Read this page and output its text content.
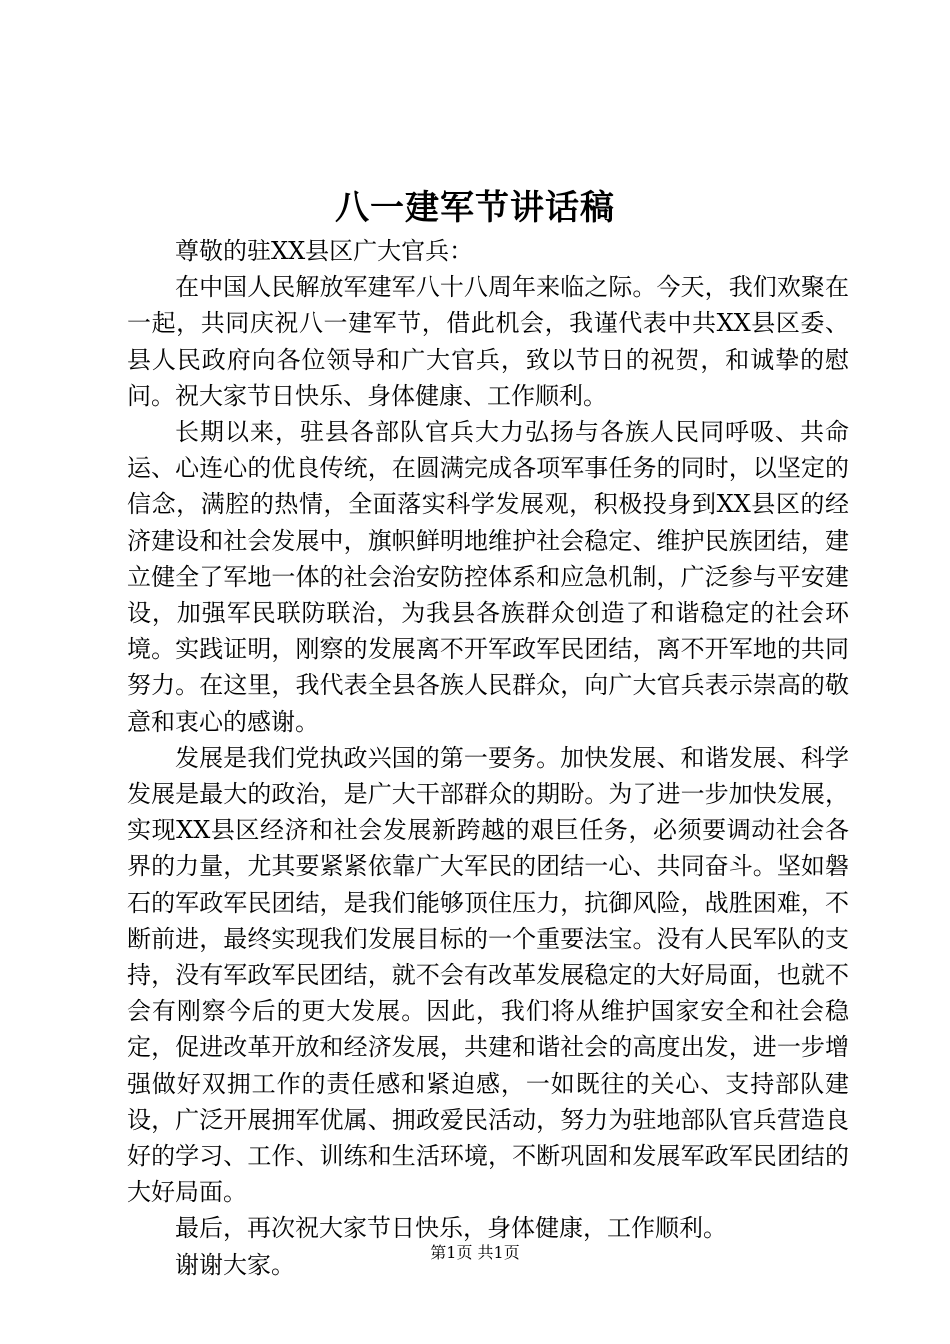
八一建军节讲话稿

尊敬的驻XX县区广大官兵：

在中国人民解放军建军八十八周年来临之际。今天，我们欢聚在一起，共同庆祝八一建军节，借此机会，我谨代表中共XX县区委、县人民政府向各位领导和广大官兵，致以节日的祝贺，和诚挚的慰问。祝大家节日快乐、身体健康、工作顺利。

长期以来，驻县各部队官兵大力弘扬与各族人民同呼吸、共命运、心连心的优良传统，在圆满完成各项军事任务的同时，以坚定的信念，满腔的热情，全面落实科学发展观，积极投身到XX县区的经济建设和社会发展中，旗帜鲜明地维护社会稳定、维护民族团结，建立健全了军地一体的社会治安防控体系和应急机制，广泛参与平安建设，加强军民联防联治，为我县各族群众创造了和谐稳定的社会环境。实践证明，刚察的发展离不开军政军民团结，离不开军地的共同努力。在这里，我代表全县各族人民群众，向广大官兵表示崇高的敬意和衷心的感谢。

发展是我们党执政兴国的第一要务。加快发展、和谐发展、科学发展是最大的政治，是广大干部群众的期盼。为了进一步加快发展，实现XX县区经济和社会发展新跨越的艰巨任务，必须要调动社会各界的力量，尤其要紧紧依靠广大军民的团结一心、共同奋斗。坚如磐石的军政军民团结，是我们能够顶住压力，抗御风险，战胜困难，不断前进，最终实现我们发展目标的一个重要法宝。没有人民军队的支持，没有军政军民团结，就不会有改革发展稳定的大好局面，也就不会有刚察今后的更大发展。因此，我们将从维护国家安全和社会稳定，促进改革开放和经济发展，共建和谐社会的高度出发，进一步增强做好双拥工作的责任感和紧迫感，一如既往的关心、支持部队建设，广泛开展拥军优属、拥政爱民活动，努力为驻地部队官兵营造良好的学习、工作、训练和生活环境，不断巩固和发展军政军民团结的大好局面。

最后，再次祝大家节日快乐，身体健康，工作顺利。

谢谢大家。	第1页 共1页
